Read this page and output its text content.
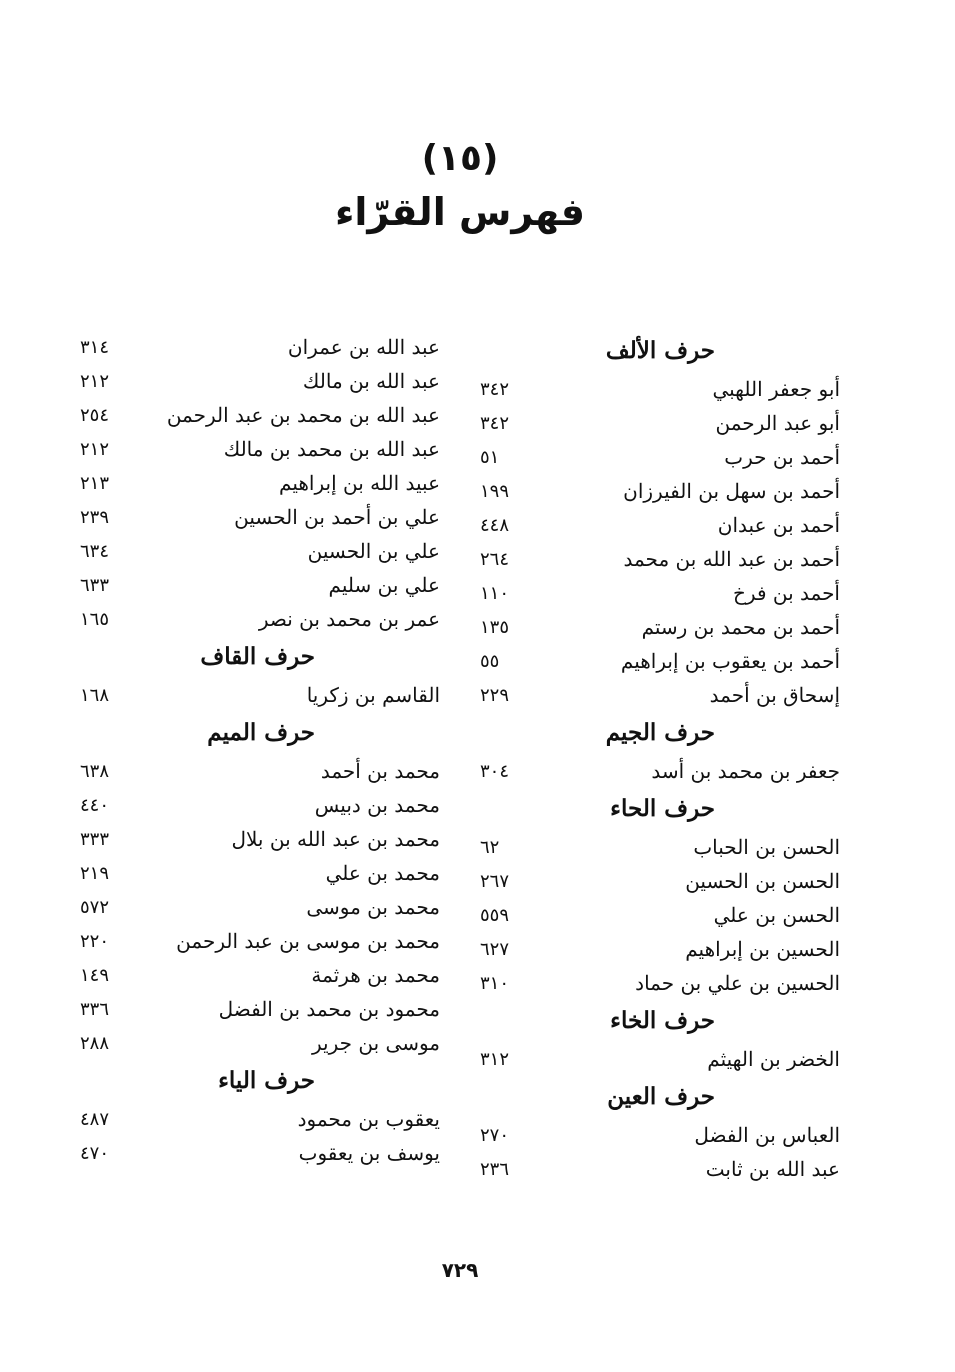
(١٥)
فهرس القرّاء
حرف الألف
أبو جعفر اللهبي
٣٤٢
أبو عبد الرحمن
٣٤٢
أحمد بن حرب
٥١
أحمد بن سهل بن الفيرزان
١٩٩
أحمد بن عبدان
٤٤٨
أحمد بن عبد الله بن محمد
٢٦٤
أحمد بن فرخ
١١٠
أحمد بن محمد بن رستم
١٣٥
أحمد بن يعقوب بن إبراهيم
٥٥
إسحاق بن أحمد
٢٢٩
حرف الجيم
جعفر بن محمد بن أسد
٣٠٤
حرف الحاء
الحسن بن الحباب
٦٢
الحسن بن الحسين
٢٦٧
الحسن بن علي
٥٥٩
الحسين بن إبراهيم
٦٢٧
الحسين بن علي بن حماد
٣١٠
حرف الخاء
الخضر بن الهيثم
٣١٢
حرف العين
العباس بن الفضل
٢٧٠
عبد الله بن ثابت
٢٣٦
عبد الله بن عمران
٣١٤
عبد الله بن مالك
٢١٢
عبد الله بن محمد بن عبد الرحمن
٢٥٤
عبد الله بن محمد بن مالك
٢١٢
عبيد الله بن إبراهيم
٢١٣
علي بن أحمد بن الحسين
٢٣٩
علي بن الحسين
٦٣٤
علي بن سليم
٦٣٣
عمر بن محمد بن نصر
١٦٥
حرف القاف
القاسم بن زكريا
١٦٨
حرف الميم
محمد بن أحمد
٦٣٨
محمد بن دبيس
٤٤٠
محمد بن عبد الله بن بلال
٣٣٣
محمد بن علي
٢١٩
محمد بن موسى
٥٧٢
محمد بن موسى بن عبد الرحمن
٢٢٠
محمد بن هرثمة
١٤٩
محمود بن محمد بن الفضل
٣٣٦
موسى بن جرير
٢٨٨
حرف الياء
يعقوب بن محمود
٤٨٧
يوسف بن يعقوب
٤٧٠
٧٢٩
